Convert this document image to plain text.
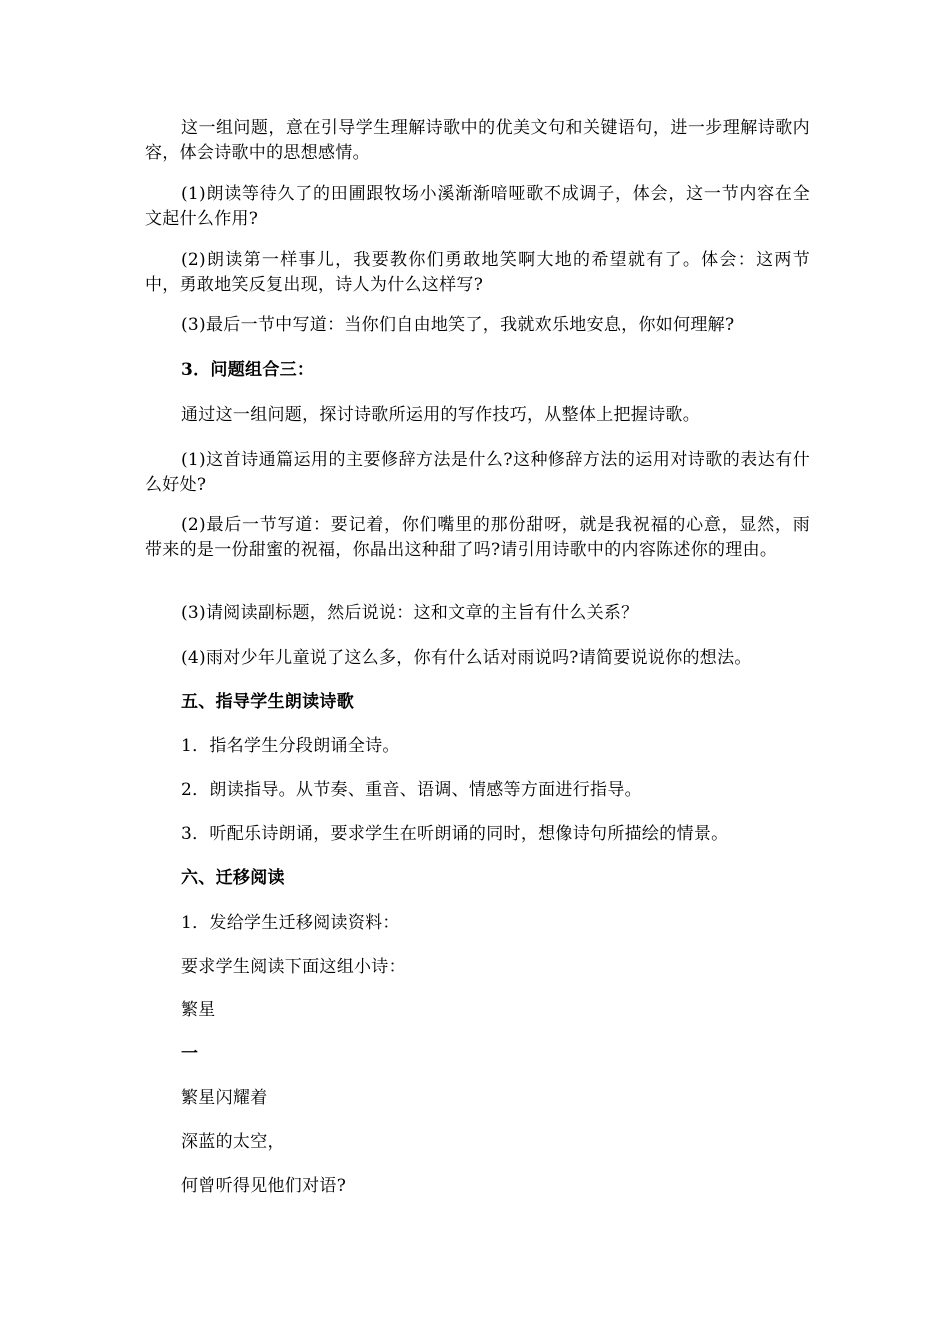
这一组问题，意在引导学生理解诗歌中的优美文句和关键语句，进一步理解诗歌内容，体会诗歌中的思想感情。

(1)朗读等待久了的田圃跟牧场小溪渐渐喑哑歌不成调子，体会，这一节内容在全文起什么作用?

(2)朗读第一样事儿，我要教你们勇敢地笑啊大地的希望就有了。体会：这两节中，勇敢地笑反复出现，诗人为什么这样写?

(3)最后一节中写道：当你们自由地笑了，我就欢乐地安息，你如何理解?

3．问题组合三：

通过这一组问题，探讨诗歌所运用的写作技巧，从整体上把握诗歌。

(1)这首诗通篇运用的主要修辞方法是什么?这种修辞方法的运用对诗歌的表达有什么好处?

(2)最后一节写道：要记着，你们嘴里的那份甜呀，就是我祝福的心意，显然，雨带来的是一份甜蜜的祝福，你晶出这种甜了吗?请引用诗歌中的内容陈述你的理由。

(3)请阅读副标题，然后说说：这和文章的主旨有什么关系？

(4)雨对少年儿童说了这么多，你有什么话对雨说吗?请简要说说你的想法。

五、指导学生朗读诗歌

1．指名学生分段朗诵全诗。

2．朗读指导。从节奏、重音、语调、情感等方面进行指导。

3．听配乐诗朗诵，要求学生在听朗诵的同时，想像诗句所描绘的情景。

六、迁移阅读

1．发给学生迁移阅读资料：

要求学生阅读下面这组小诗：

繁星

一

繁星闪耀着

深蓝的太空，

何曾听得见他们对语?
